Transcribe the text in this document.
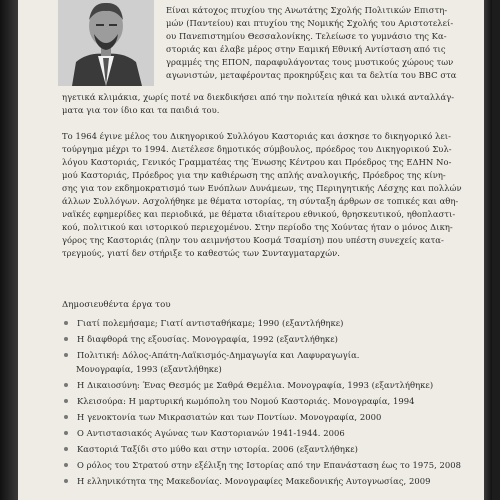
Είναι κάτοχος πτυχίου της Ανωτάτης Σχολής Πολιτικών Επιστη-
μών (Παντείου) και πτυχίου της Νομικής Σχολής του Αριστοτελεί-
ου Πανεπιστημίου Θεσσαλονίκης. Τελείωσε το γυμνάσιο της Κα-
στοριάς και έλαβε μέρος στην Εαμική Εθνική Αντίσταση από τις
γραμμές της ΕΠΟΝ, παραφυλάγοντας τους μυστικούς χώρους των
αγωνιστών, μεταφέροντας προκηρύξεις και τα δελτία του BBC στα
ηγετικά κλιμάκια, χωρίς ποτέ να διεκδικήσει από την πολιτεία ηθικά και υλικά ανταλλάγ-
ματα για τον ίδιο και τα παιδιά του.
Το 1964 έγινε μέλος του Δικηγορικού Συλλόγου Καστοριάς και άσκησε το δικηγορικό λει-
τούργημα μέχρι το 1994. Διετέλεσε δημοτικός σύμβουλος, πρόεδρος του Δικηγορικού Συλ-
λόγου Καστοριάς, Γενικός Γραμματέας της Ένωσης Κέντρου και Πρόεδρος της ΕΔΗΝ Νο-
μού Καστοριάς, Πρόεδρος για την καθιέρωση της απλής αναλογικής, Πρόεδρος της κίνη-
σης για τον εκδημοκρατισμό των Ενόπλων Δυνάμεων, της Περιηγητικής Λέσχης και πολλών
άλλων Συλλόγων. Ασχολήθηκε με θέματα ιστορίας, τη σύνταξη άρθρων σε τοπικές και αθη-
ναϊκές εφημερίδες και περιοδικά, με θέματα ιδιαίτερου εθνικού, θρησκευτικού, ηθοπλαστι-
κού, πολιτικού και ιστορικού περιεχομένου. Στην περίοδο της Χούντας ήταν ο μόνος Δικη-
γόρος της Καστοριάς (πλην του αειμνήστου Κοσμά Τσαμίση) που υπέστη συνεχείς κατα-
τρεγμούς, γιατί δεν στήριξε το καθεστώς των Συνταγματαρχών.
Δημοσιευθέντα έργα του
Γιατί πολεμήσαμε; Γιατί αντισταθήκαμε; 1990 (εξαντλήθηκε)
Η διαφθορά της εξουσίας. Μονογραφία, 1992 (εξαντλήθηκε)
Πολιτική: Δόλος-Απάτη-Λαϊκισμός-Δημαγωγία και Λαφυραγωγία.
Μονογραφία, 1993 (εξαντλήθηκε)
Η Δικαιοσύνη: Ένας Θεσμός με Σαθρά Θεμέλια. Μονογραφία, 1993 (εξαντλήθηκε)
Κλεισούρα: Η μαρτυρική κωμόπολη του Νομού Καστοριάς. Μονογραφία, 1994
Η γενοκτονία των Μικρασιατών και των Ποντίων. Μονογραφία, 2000
Ο Αντιστασιακός Αγώνας των Καστοριανών 1941-1944. 2006
Καστοριά Ταξίδι στο μύθο και στην ιστορία. 2006 (εξαντλήθηκε)
Ο ρόλος του Στρατού στην εξέλιξη της Ιστορίας από την Επανάσταση έως το 1975, 2008
Η ελληνικότητα της Μακεδονίας. Μονογραφίες Μακεδονικής Αυτογνωσίας, 2009
